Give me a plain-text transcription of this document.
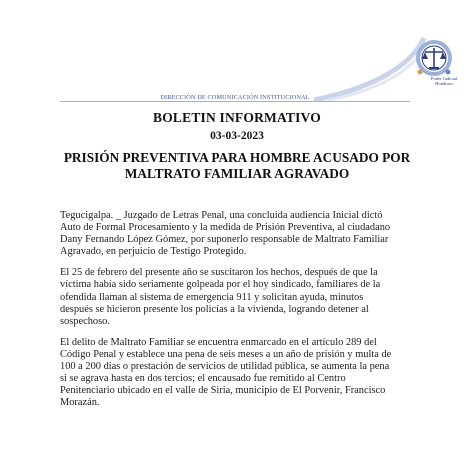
Poder Judicial
Honduras
DIRECCIÓN DE COMUNICACIÓN INSTITUCIONAL
BOLETIN INFORMATIVO
03-03-2023
PRISIÓN PREVENTIVA PARA HOMBRE ACUSADO POR
MALTRATO FAMILIAR AGRAVADO

Tegucigalpa. _ Juzgado de Letras Penal, una concluida audiencia Inicial dictó
Auto de Formal Procesamiento y la medida de Prisión Preventiva, al ciudadano
Dany Fernando López Gómez, por suponerlo responsable de Maltrato Familiar
Agravado, en perjuicio de Testigo Protegido.

El 25 de febrero del presente año se suscitaron los hechos, después de que la
víctima había sido seriamente golpeada por el hoy sindicado, familiares de la
ofendida llaman al sistema de emergencia 911 y solicitan ayuda, minutos
después se hicieron presente los policías a la vivienda, logrando detener al
sospechoso.

El delito de Maltrato Familiar se encuentra enmarcado en el artículo 289 del
Código Penal y establece una pena de seis meses a un año de prisión y multa de
100 a 200 días o prestación de servicios de utilidad pública, se aumenta la pena
si se agrava hasta en dos tercios; el encausado fue remitido al Centro
Penitenciario ubicado en el valle de Siria, municipio de El Porvenir, Francisco
Morazán.
